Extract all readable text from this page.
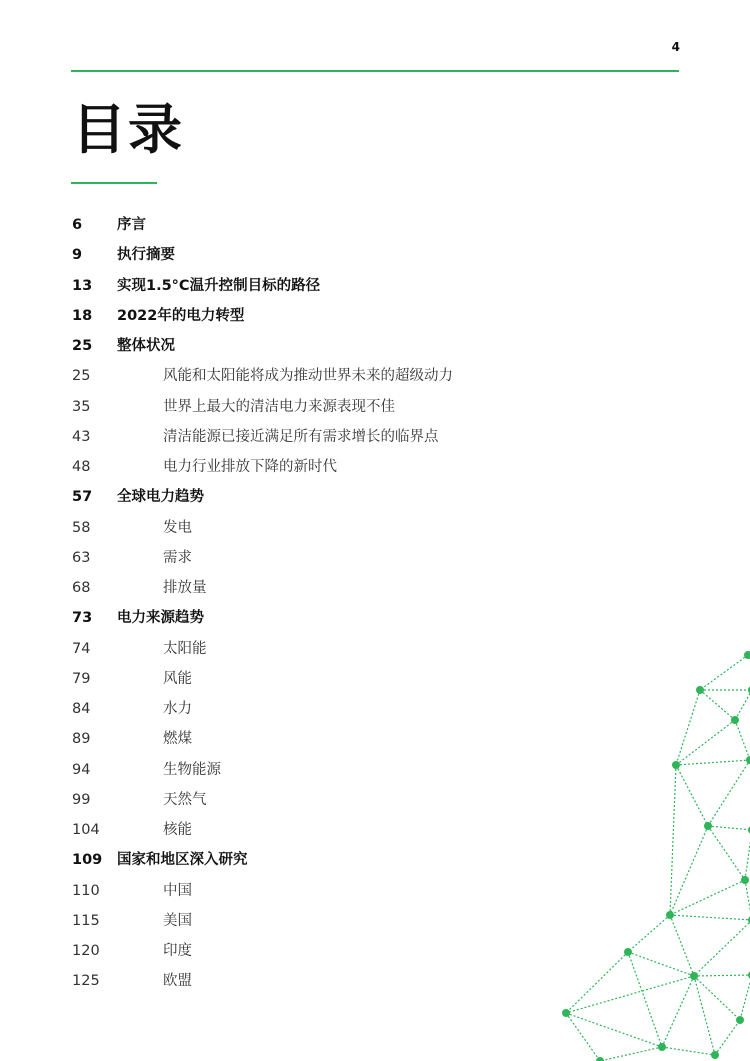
4
目录
6 序言
9 执行摘要
13 实现1.5°C温升控制目标的路径
18 2022年的电力转型
25 整体状况
25	风能和太阳能将成为推动世界未来的超级动力
35	世界上最大的清洁电力来源表现不佳
43	清洁能源已接近满足所有需求增长的临界点
48	电力行业排放下降的新时代
57 全球电力趋势
58	发电
63	需求
68	排放量
73 电力来源趋势
74	太阳能
79	风能
84	水力
89	燃煤
94	生物能源
99	天然气
104	核能
109 国家和地区深入研究
110	中国
115	美国
120	印度
125	欧盟
